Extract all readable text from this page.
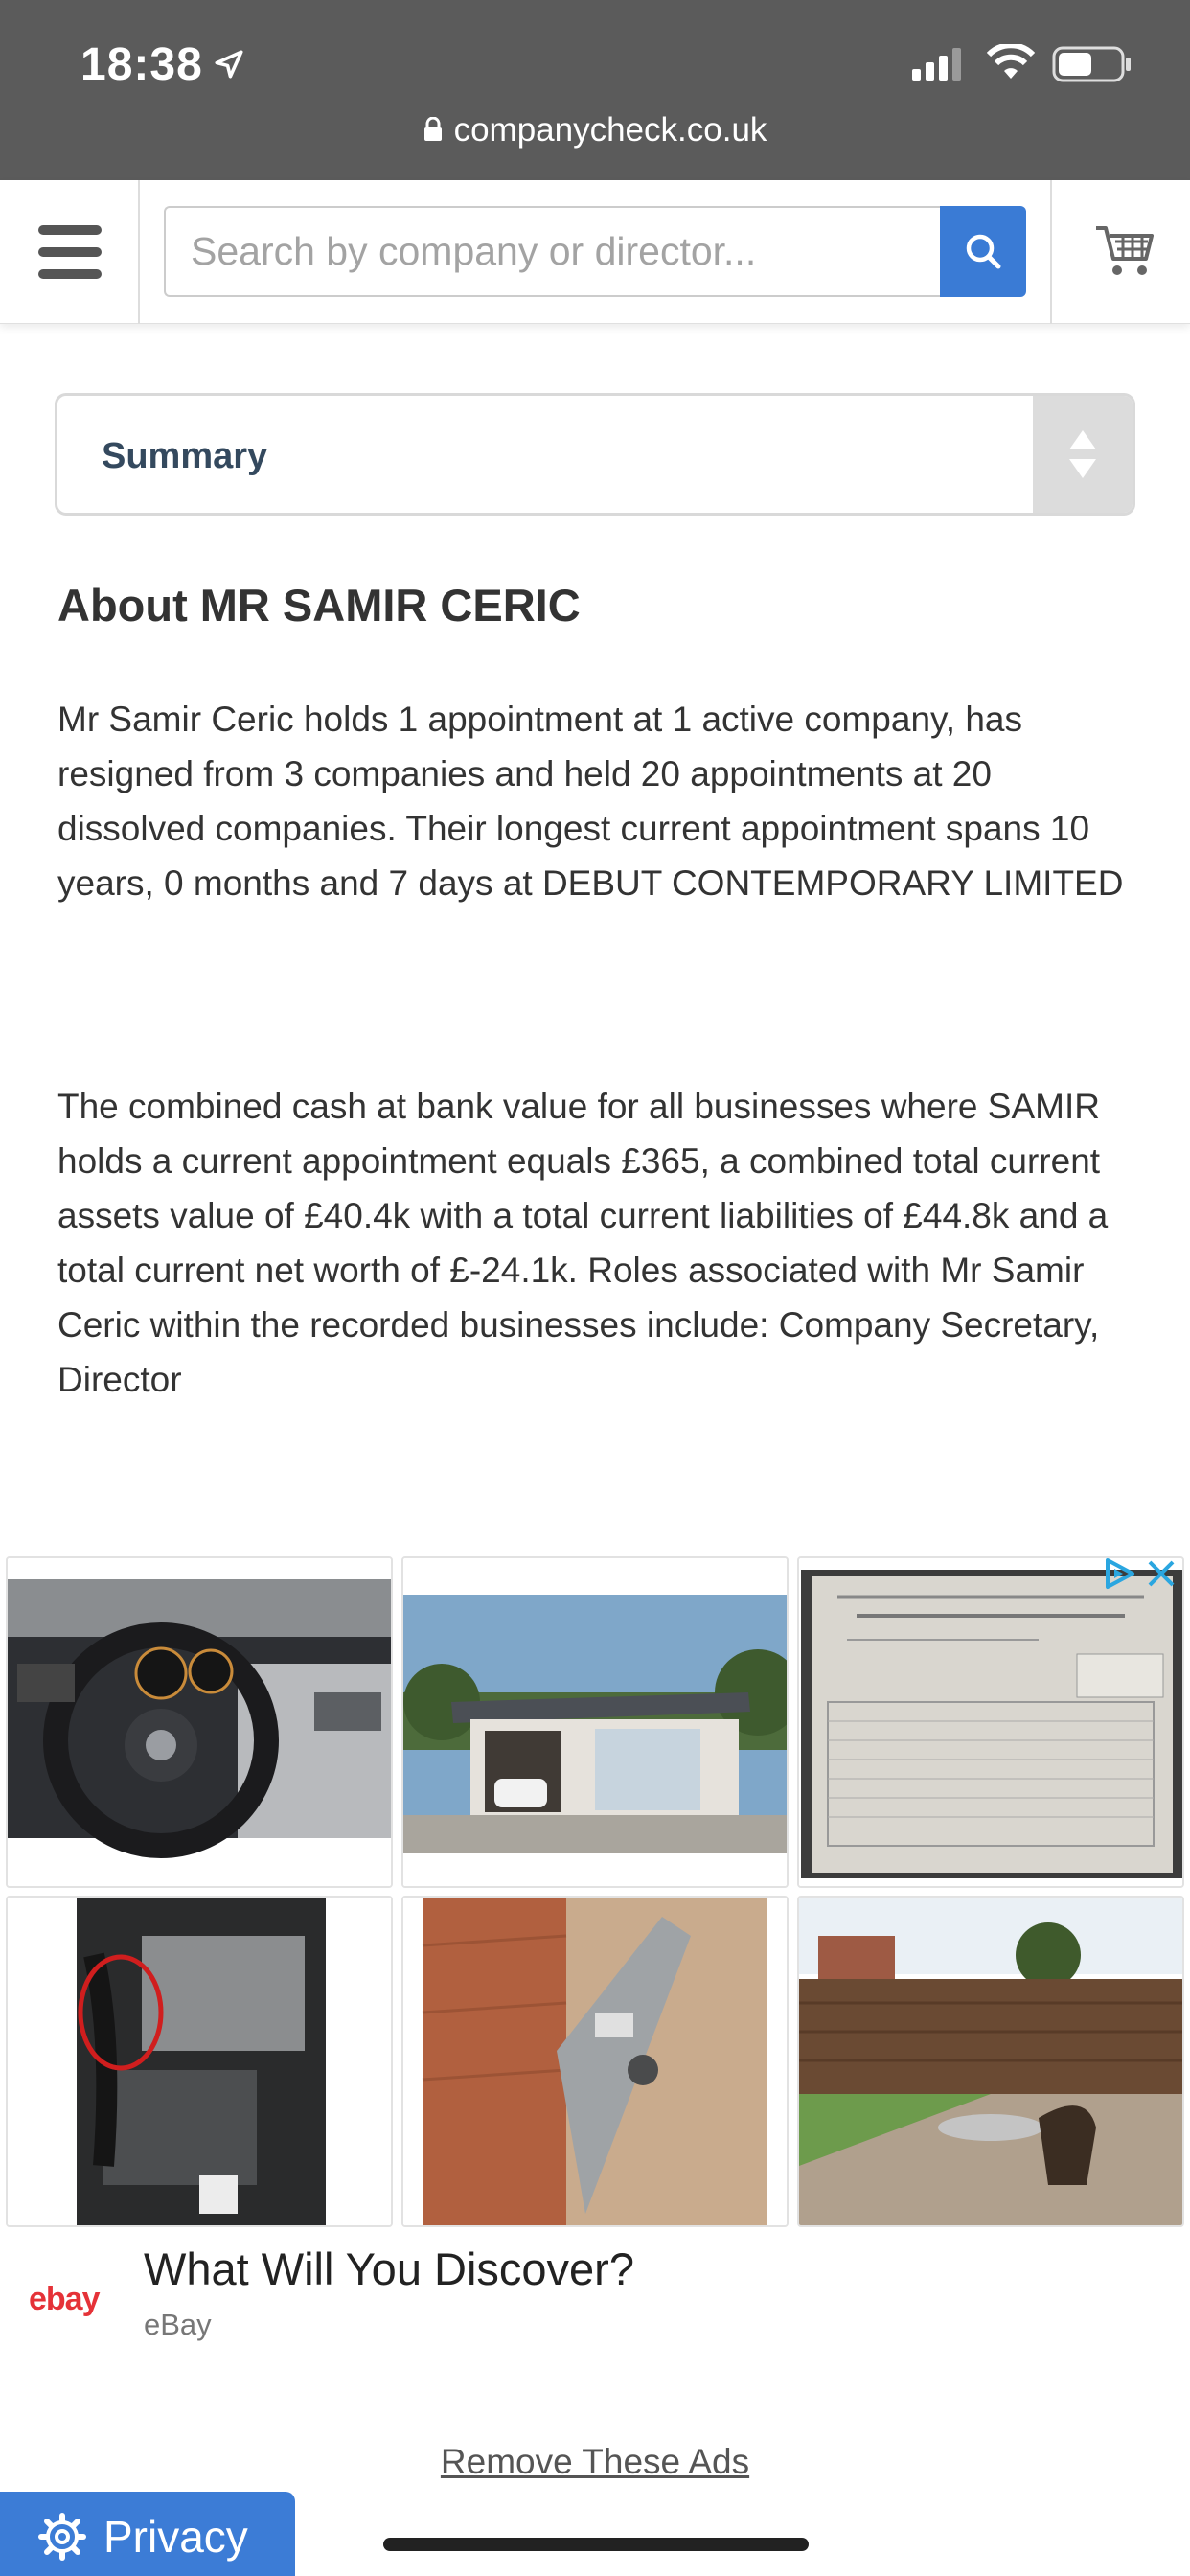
18:38
companycheck.co.uk
Search by company or director...
Summary
About MR SAMIR CERIC

Mr Samir Ceric holds 1 appointment at 1 active company, has resigned from 3 companies and held 20 appointments at 20 dissolved companies. Their longest current appointment spans 10 years, 0 months and 7 days at DEBUT CONTEMPORARY LIMITED

The combined cash at bank value for all businesses where SAMIR holds a current appointment equals £365, a combined total current assets value of £40.4k with a total current liabilities of £44.8k and a total current net worth of £-24.1k. Roles associated with Mr Samir Ceric within the recorded businesses include: Company Secretary, Director

ebay
What Will You Discover?
eBay
Remove These Ads
Privacy
